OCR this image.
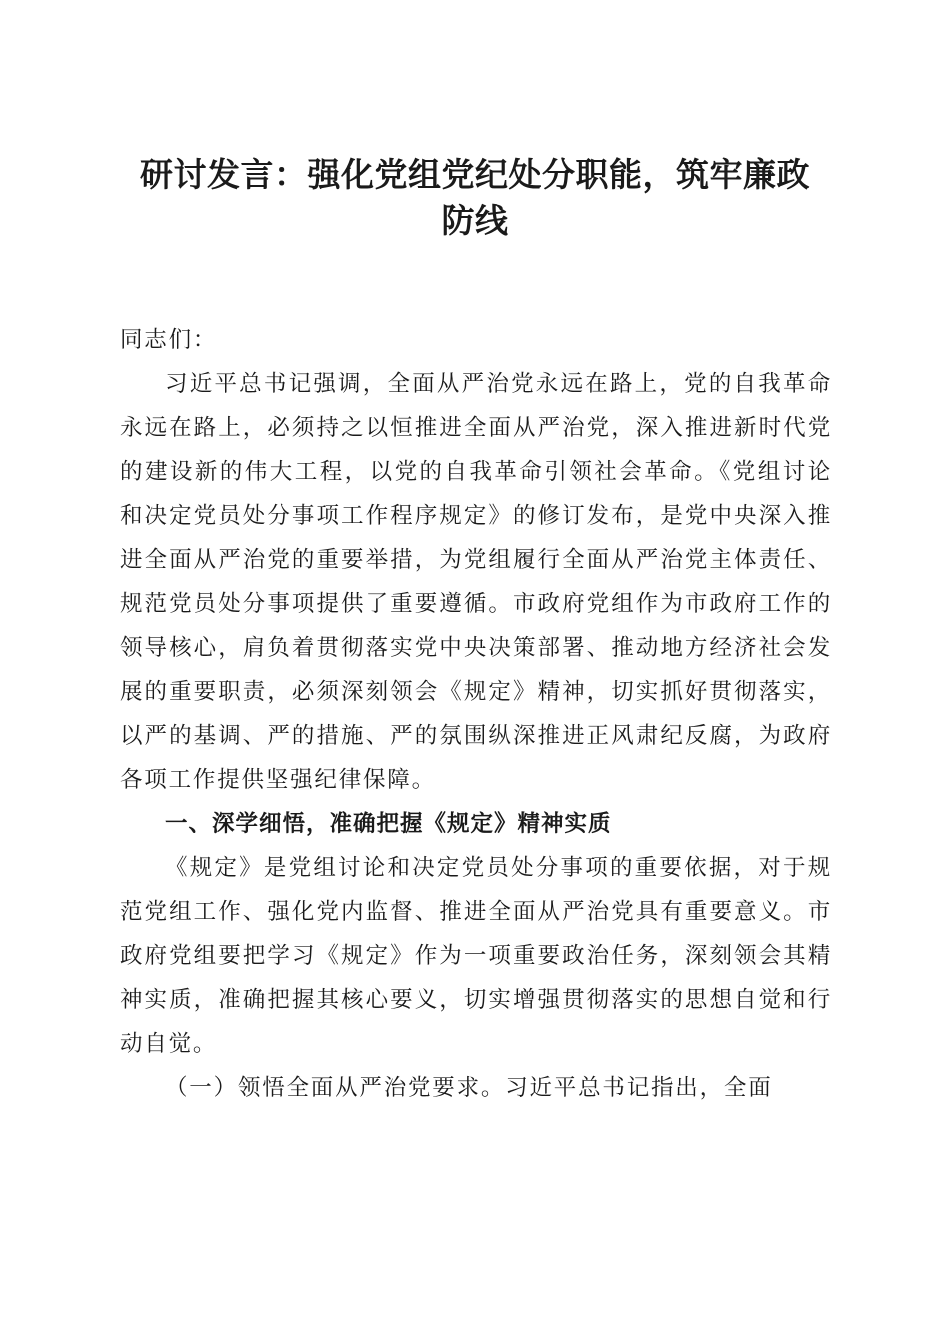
研讨发言：强化党组党纪处分职能，筑牢廉政
防线

同志们：

习近平总书记强调，全面从严治党永远在路上，党的自我革命永远在路上，必须持之以恒推进全面从严治党，深入推进新时代党的建设新的伟大工程，以党的自我革命引领社会革命。《党组讨论和决定党员处分事项工作程序规定》的修订发布，是党中央深入推进全面从严治党的重要举措，为党组履行全面从严治党主体责任、规范党员处分事项提供了重要遵循。市政府党组作为市政府工作的领导核心，肩负着贯彻落实党中央决策部署、推动地方经济社会发展的重要职责，必须深刻领会《规定》精神，切实抓好贯彻落实，以严的基调、严的措施、严的氛围纵深推进正风肃纪反腐，为政府各项工作提供坚强纪律保障。

一、深学细悟，准确把握《规定》精神实质

《规定》是党组讨论和决定党员处分事项的重要依据，对于规范党组工作、强化党内监督、推进全面从严治党具有重要意义。市政府党组要把学习《规定》作为一项重要政治任务，深刻领会其精神实质，准确把握其核心要义，切实增强贯彻落实的思想自觉和行动自觉。

（一）领悟全面从严治党要求。习近平总书记指出，全面
